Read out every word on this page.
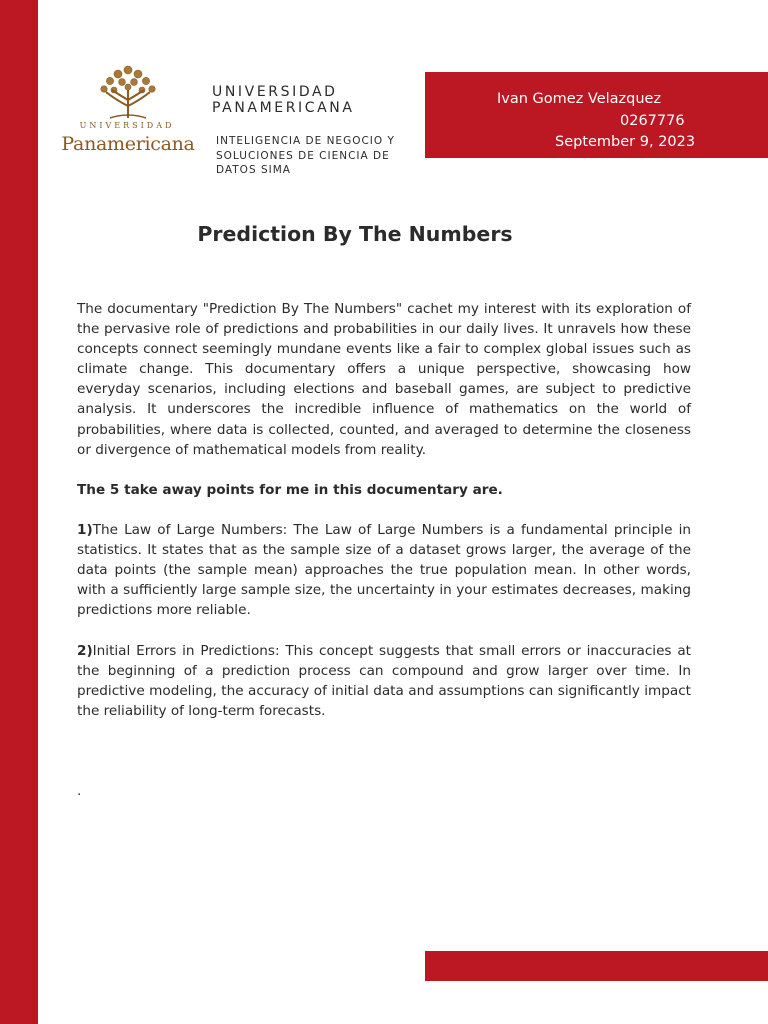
UNIVERSIDAD
Panamericana
UNIVERSIDAD
PANAMERICANA
INTELIGENCIA DE NEGOCIO Y SOLUCIONES DE CIENCIA DE DATOS SIMA
Ivan Gomez Velazquez
0267776
September 9, 2023
Prediction By The Numbers

The documentary "Prediction By The Numbers" cachet my interest with its exploration of the pervasive role of predictions and probabilities in our daily lives. It unravels how these concepts connect seemingly mundane events like a fair to complex global issues such as climate change. This documentary offers a unique perspective, showcasing how everyday scenarios, including elections and baseball games, are subject to predictive analysis. It underscores the incredible influence of mathematics on the world of probabilities, where data is collected, counted, and averaged to determine the closeness or divergence of mathematical models from reality.

The 5 take away points for me in this documentary are.

1)The Law of Large Numbers: The Law of Large Numbers is a fundamental principle in statistics. It states that as the sample size of a dataset grows larger, the average of the data points (the sample mean) approaches the true population mean. In other words, with a sufficiently large sample size, the uncertainty in your estimates decreases, making predictions more reliable.

2)Initial Errors in Predictions: This concept suggests that small errors or inaccuracies at the beginning of a prediction process can compound and grow larger over time. In predictive modeling, the accuracy of initial data and assumptions can significantly impact the reliability of long-term forecasts.

.
